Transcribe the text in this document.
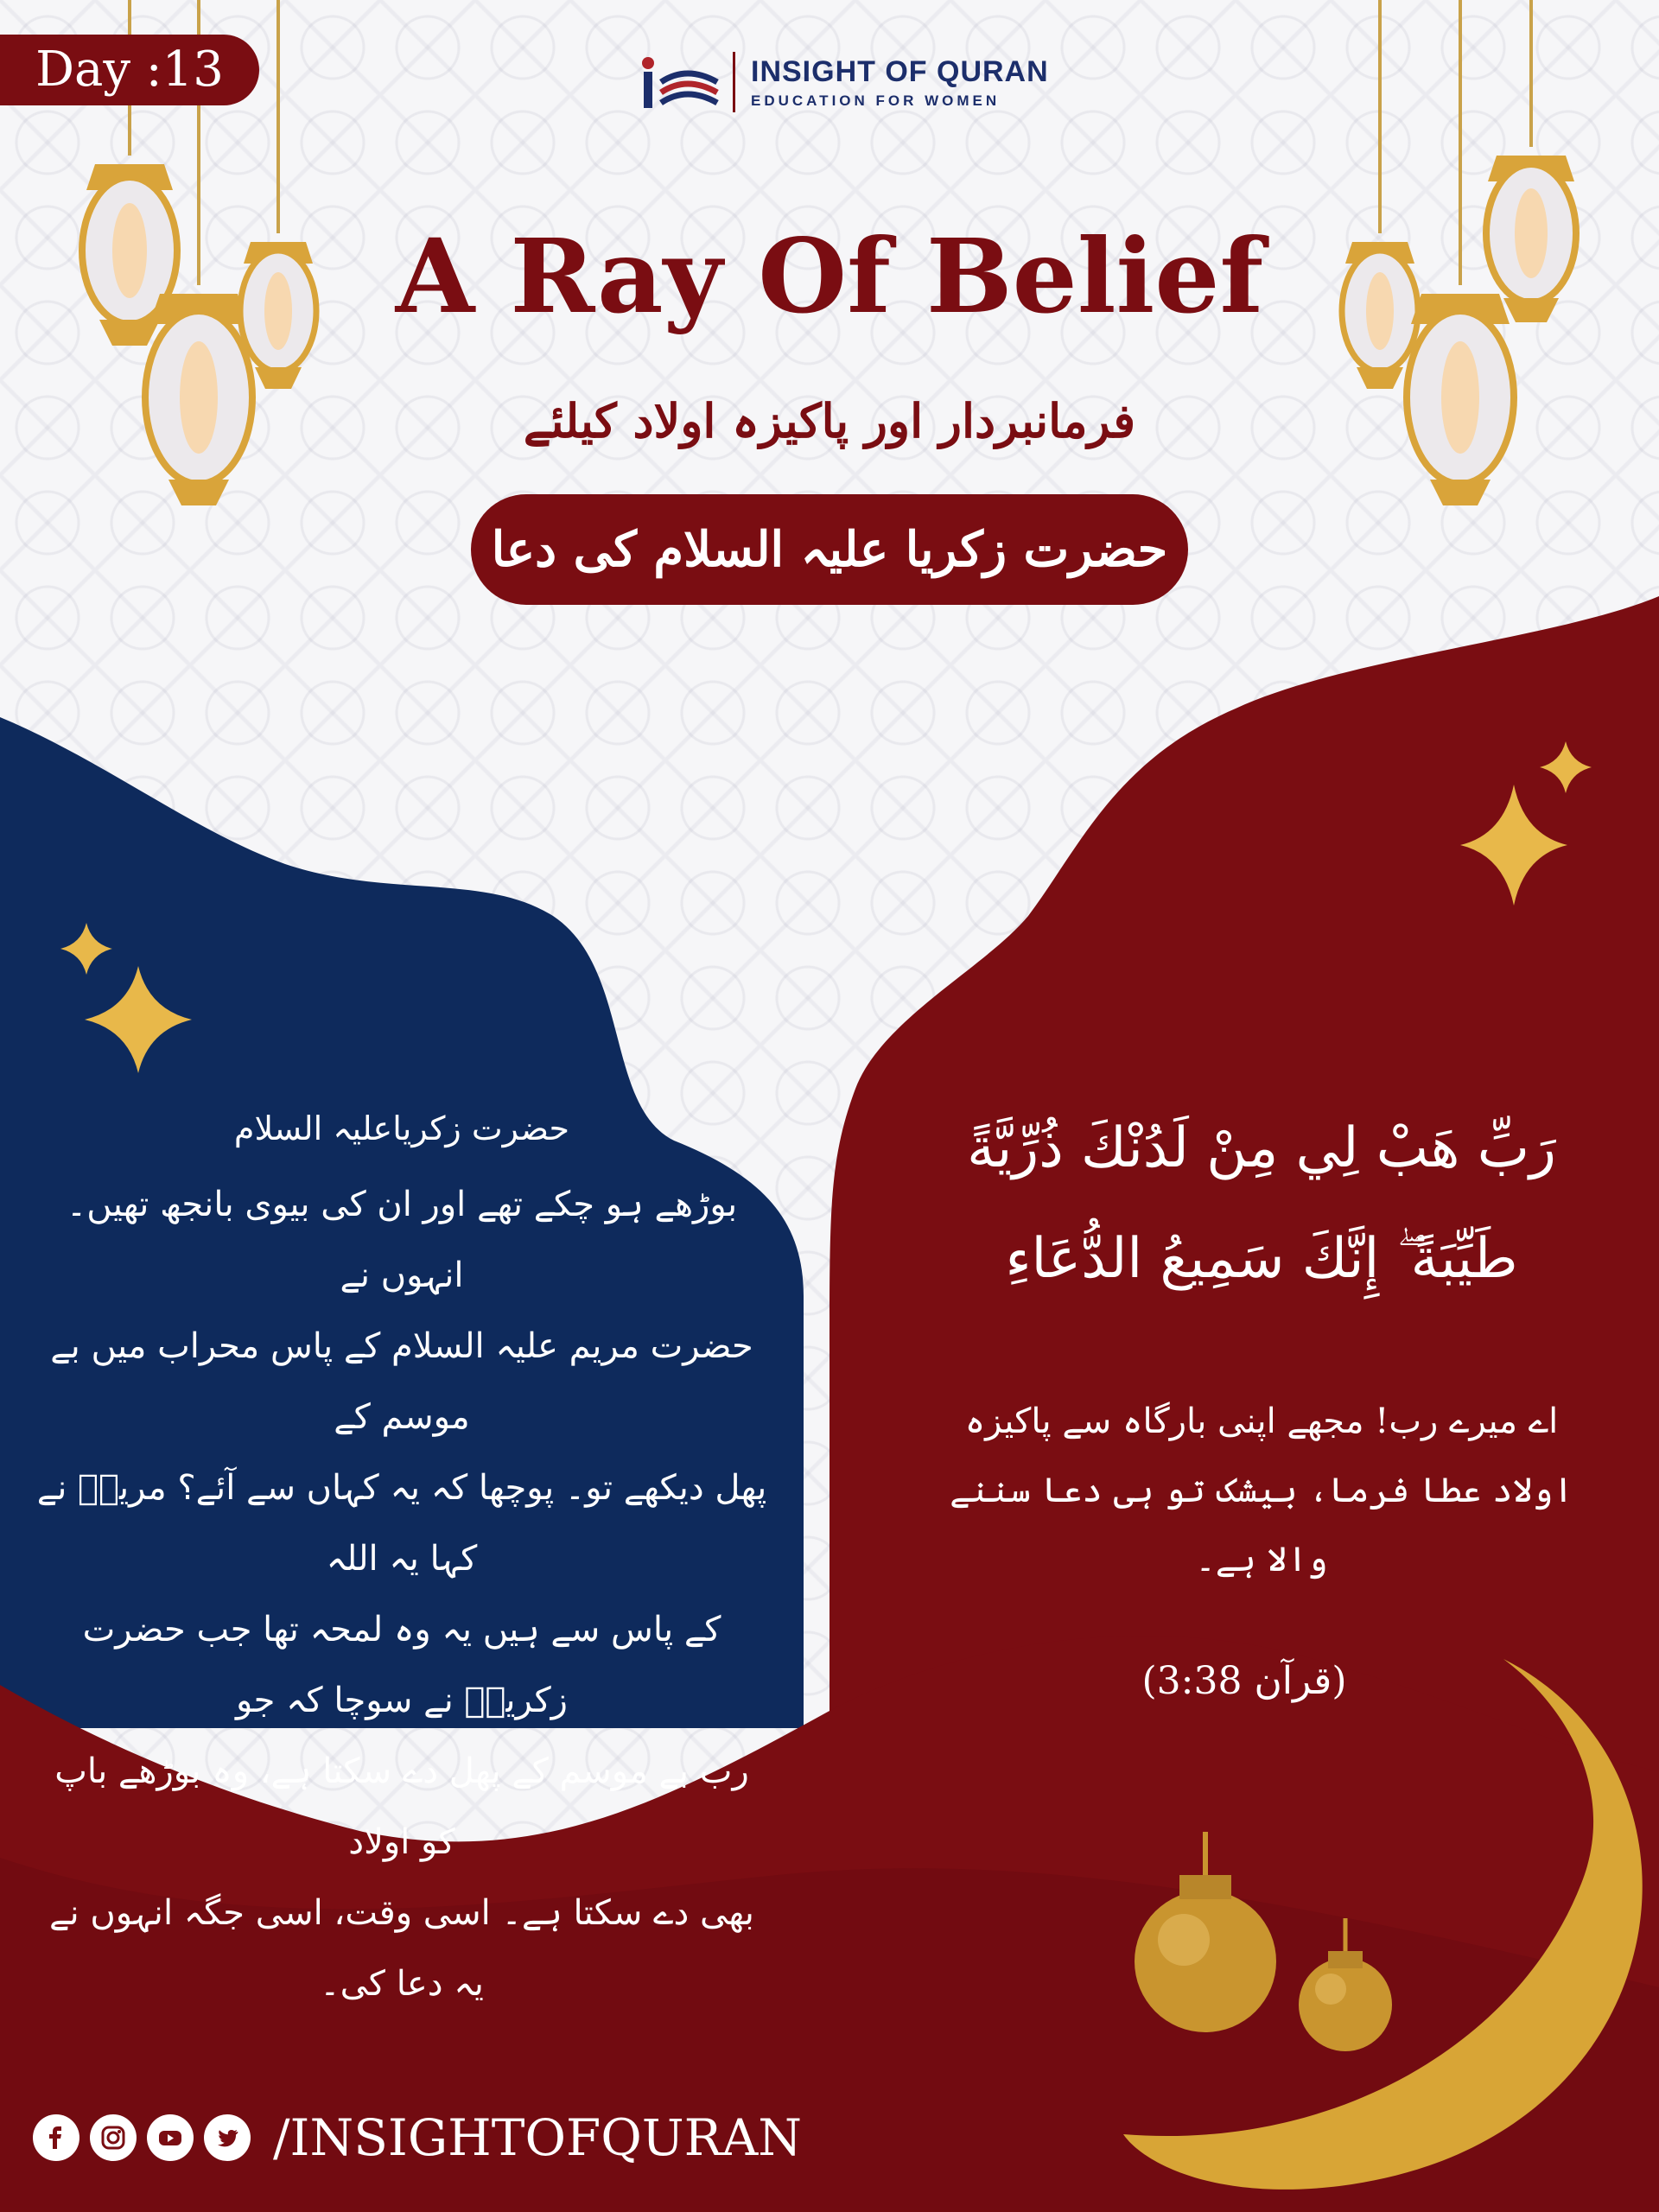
Day :13	INSIGHT OF QURAN
EDUCATION FOR WOMEN
A Ray Of Belief
فرمانبردار اور پاکیزہ اولاد کیلئے
حضرت زکریا علیہ السلام کی دعا
حضرت زکریاعلیہ السلام
بوڑھے ہو چکے تھے اور ان کی بیوی بانجھ تھیں۔ انہوں نے
حضرت مریم علیہ السلام کے پاس محراب میں بے موسم کے
پھل دیکھے تو۔ پوچھا کہ یہ کہاں سے آئے؟ مریمؑ نے کہا یہ اللہ
کے پاس سے ہیں یہ وہ لمحہ تھا جب حضرت زکریاؑ نے سوچا کہ جو
رب بے موسم کے پھل دے سکتا ہے، وہ بوڑھے باپ کو اولاد
بھی دے سکتا ہے۔ اسی وقت، اسی جگہ انہوں نے یہ دعا کی۔
رَبِّ هَبْ لِي مِنْ لَدُنْكَ ذُرِّيَّةً
طَيِّبَةً ۖ إِنَّكَ سَمِيعُ الدُّعَاءِ
اے میرے رب! مجھے اپنی بارگاہ سے پاکیزہ
اولاد عطا فرما، بیشک تو ہی دعا سننے والا ہے۔
(قرآن 3:38)
/INSIGHTOFQURAN
